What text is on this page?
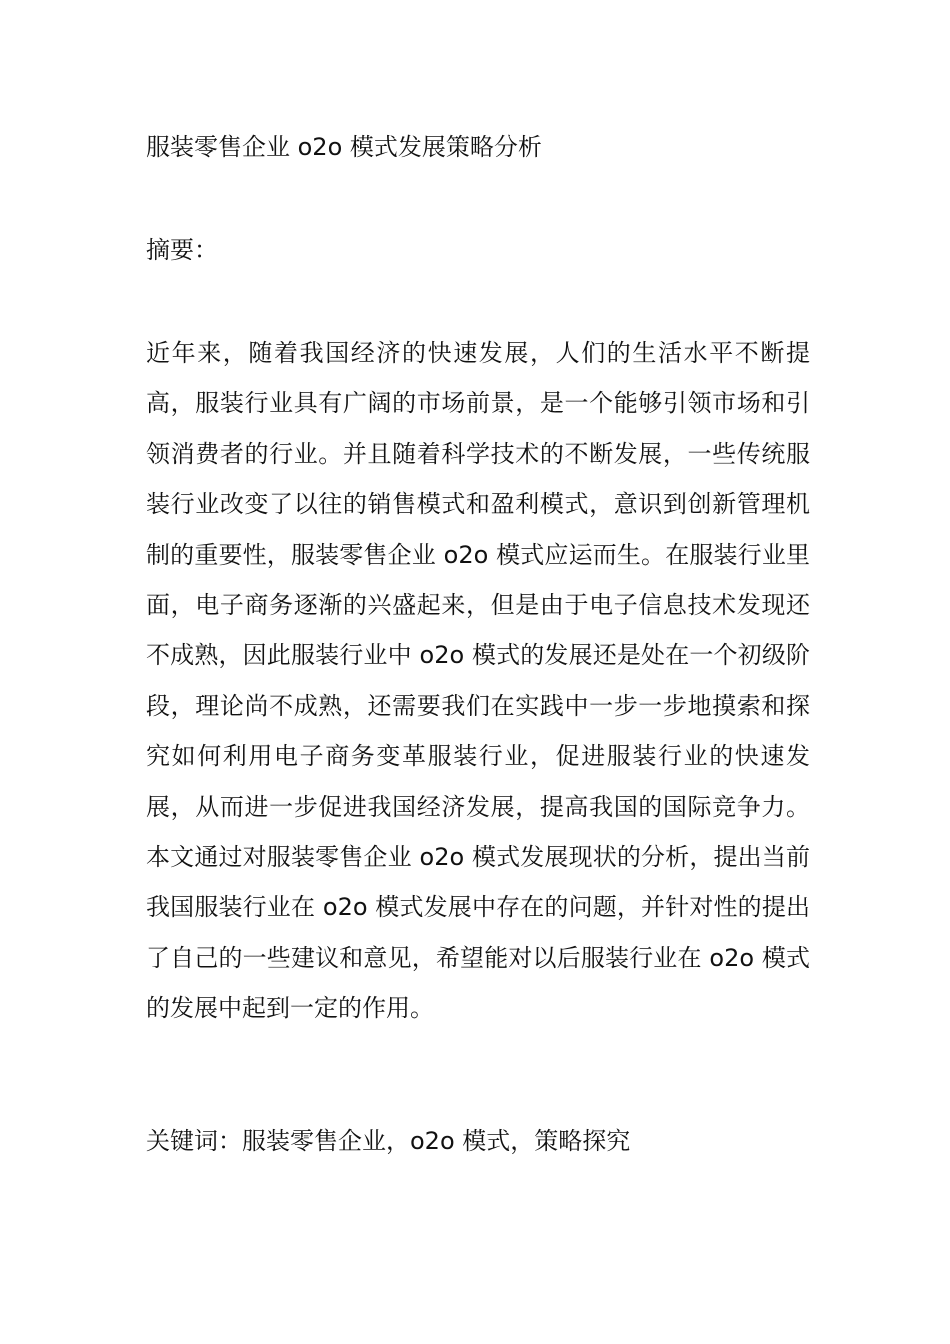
服装零售企业 o2o 模式发展策略分析
摘要：
近年来，随着我国经济的快速发展，人们的生活水平不断提高，服装行业具有广阔的市场前景，是一个能够引领市场和引领消费者的行业。并且随着科学技术的不断发展，一些传统服装行业改变了以往的销售模式和盈利模式，意识到创新管理机制的重要性，服装零售企业 o2o 模式应运而生。在服装行业里面，电子商务逐渐的兴盛起来，但是由于电子信息技术发现还不成熟，因此服装行业中 o2o 模式的发展还是处在一个初级阶段，理论尚不成熟，还需要我们在实践中一步一步地摸索和探究如何利用电子商务变革服装行业，促进服装行业的快速发展，从而进一步促进我国经济发展，提高我国的国际竞争力。本文通过对服装零售企业 o2o 模式发展现状的分析，提出当前我国服装行业在 o2o 模式发展中存在的问题，并针对性的提出了自己的一些建议和意见，希望能对以后服装行业在 o2o 模式的发展中起到一定的作用。
关键词：服装零售企业，o2o 模式，策略探究
